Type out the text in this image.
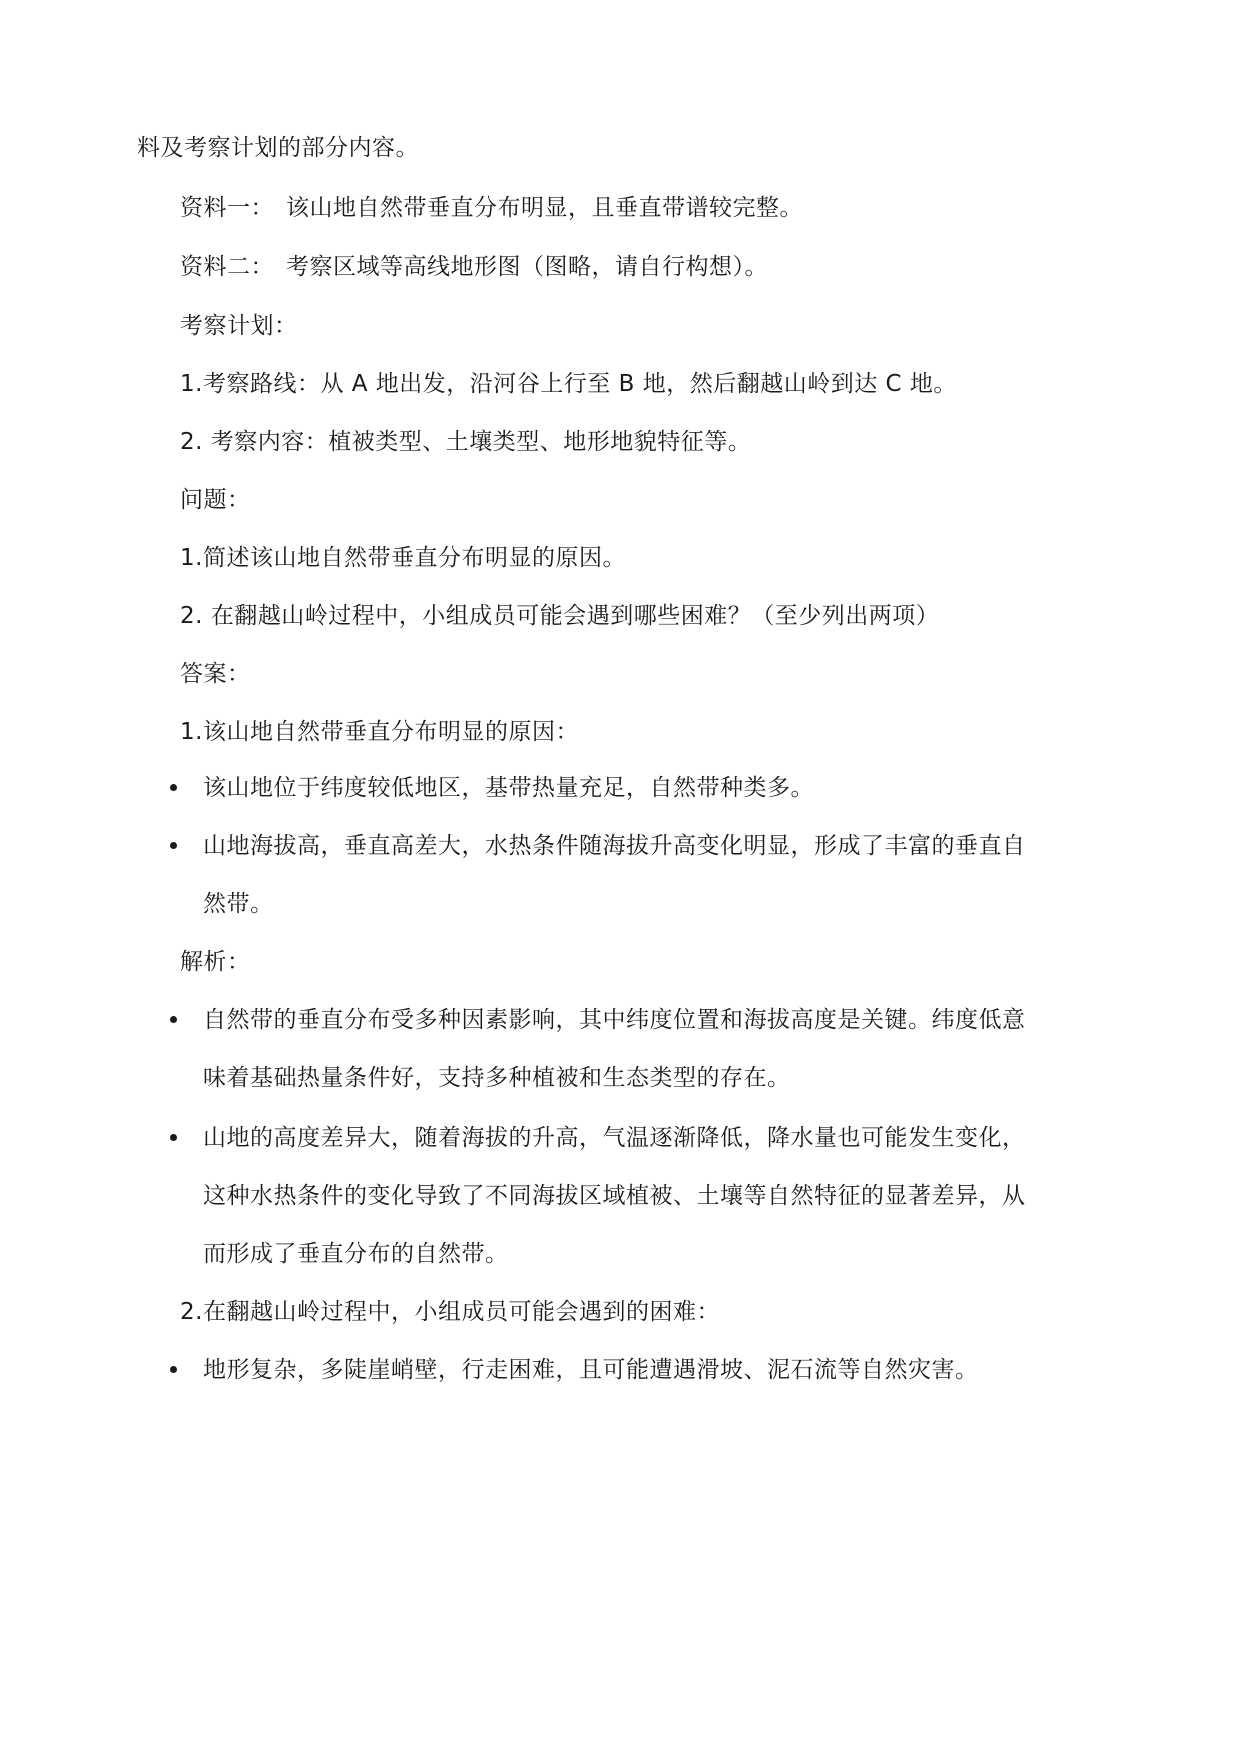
料及考察计划的部分内容。
资料一：　该山地自然带垂直分布明显，且垂直带谱较完整。
资料二：　考察区域等高线地形图（图略，请自行构想）。
考察计划：
1.考察路线：从 A 地出发，沿河谷上行至 B 地，然后翻越山岭到达 C 地。
2. 考察内容：植被类型、土壤类型、地形地貌特征等。
问题：
1.简述该山地自然带垂直分布明显的原因。
2. 在翻越山岭过程中，小组成员可能会遇到哪些困难？（至少列出两项）
答案：
1.该山地自然带垂直分布明显的原因：
该山地位于纬度较低地区，基带热量充足，自然带种类多。
山地海拔高，垂直高差大，水热条件随海拔升高变化明显，形成了丰富的垂直自
然带。
解析：
自然带的垂直分布受多种因素影响，其中纬度位置和海拔高度是关键。纬度低意
味着基础热量条件好，支持多种植被和生态类型的存在。
山地的高度差异大，随着海拔的升高，气温逐渐降低，降水量也可能发生变化，
这种水热条件的变化导致了不同海拔区域植被、土壤等自然特征的显著差异，从
而形成了垂直分布的自然带。
2.在翻越山岭过程中，小组成员可能会遇到的困难：
地形复杂，多陡崖峭壁，行走困难，且可能遭遇滑坡、泥石流等自然灾害。
